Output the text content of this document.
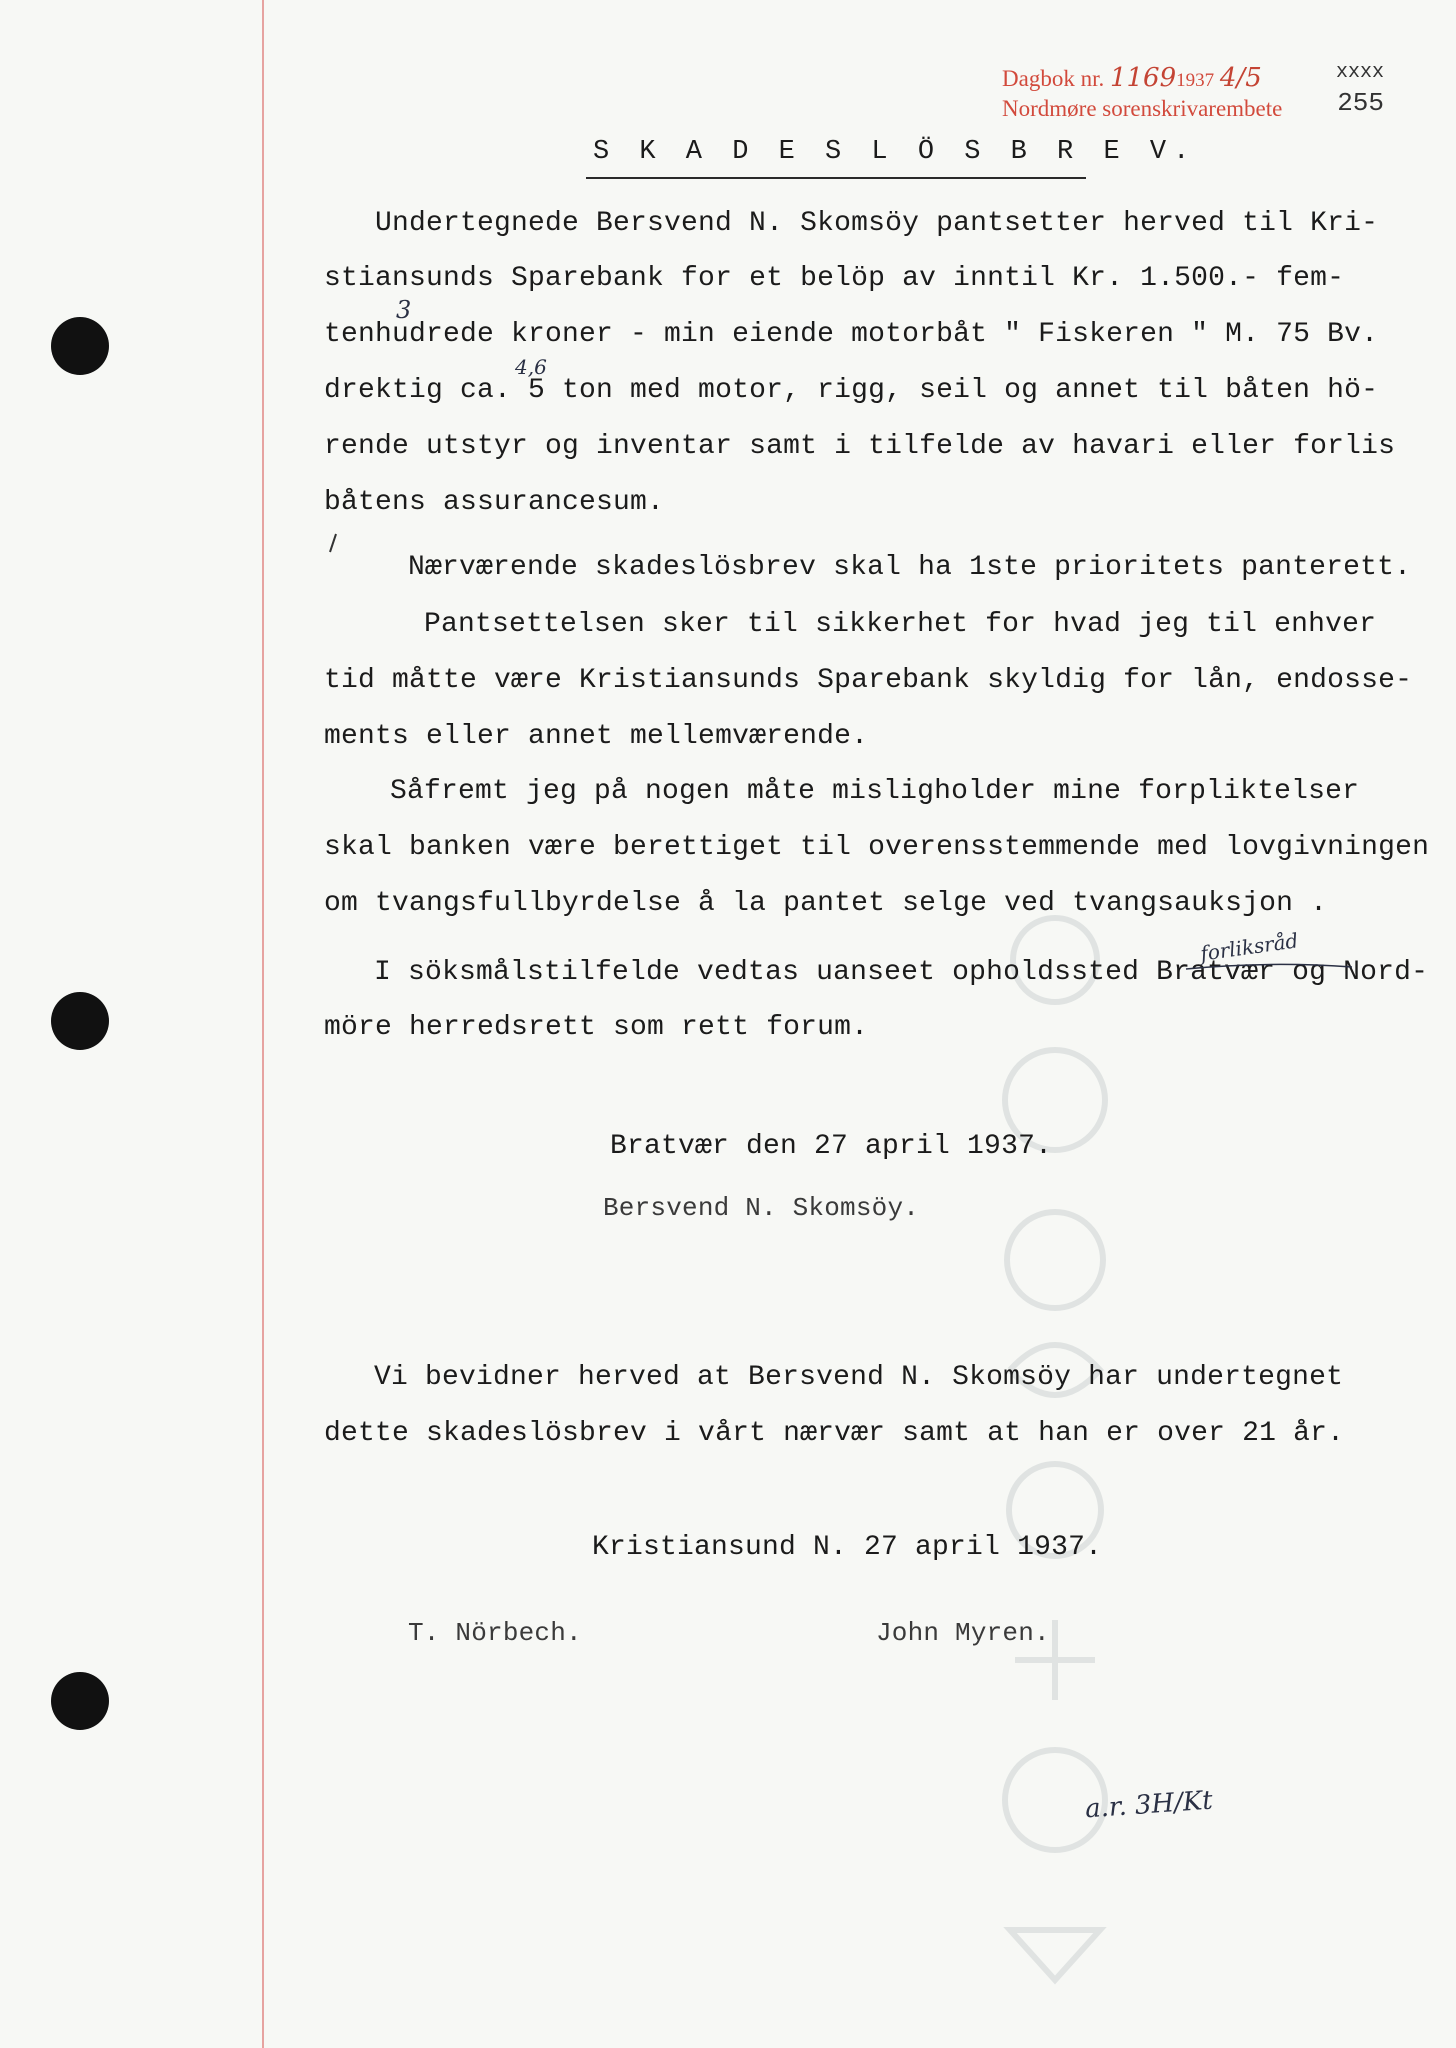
Dagbok nr. 11691937 4/5
Nordmøre sorenskrivarembete
xxxx
255
S K A D E S L Ö S B R E V.
Undertegnede Bersvend N. Skomsöy pantsetter herved til Kri-
stiansunds Sparebank for et belöp av inntil Kr. 1.500.- fem-
tenhudrede kroner - min eiende motorbåt " Fiskeren " M. 75 Bv.
drektig ca. 5 ton med motor, rigg, seil og annet til båten hö-
rende utstyr og inventar samt i tilfelde av havari eller forlis
båtens assurancesum.
Nærværende skadeslösbrev skal ha 1ste prioritets panterett.
Pantsettelsen sker til sikkerhet for hvad jeg til enhver
tid måtte være Kristiansunds Sparebank skyldig for lån, endosse-
ments eller annet mellemværende.
Såfremt jeg på nogen måte misligholder mine forpliktelser
skal banken være berettiget til overensstemmende med lovgivningen
om tvangsfullbyrdelse å la pantet selge ved tvangsauksjon .
I söksmålstilfelde vedtas uanseet opholdssted Bratvær og Nord-
möre herredsrett som rett forum.
Bratvær den 27 april 1937.
Bersvend N. Skomsöy.
Vi bevidner herved at Bersvend N. Skomsöy har undertegnet
dette skadeslösbrev i vårt nærvær samt at han er over 21 år.
Kristiansund N. 27 april 1937.
T. Nörbech.	John Myren.
3
4,6
forliksråd
a.r. 3H/Kt
